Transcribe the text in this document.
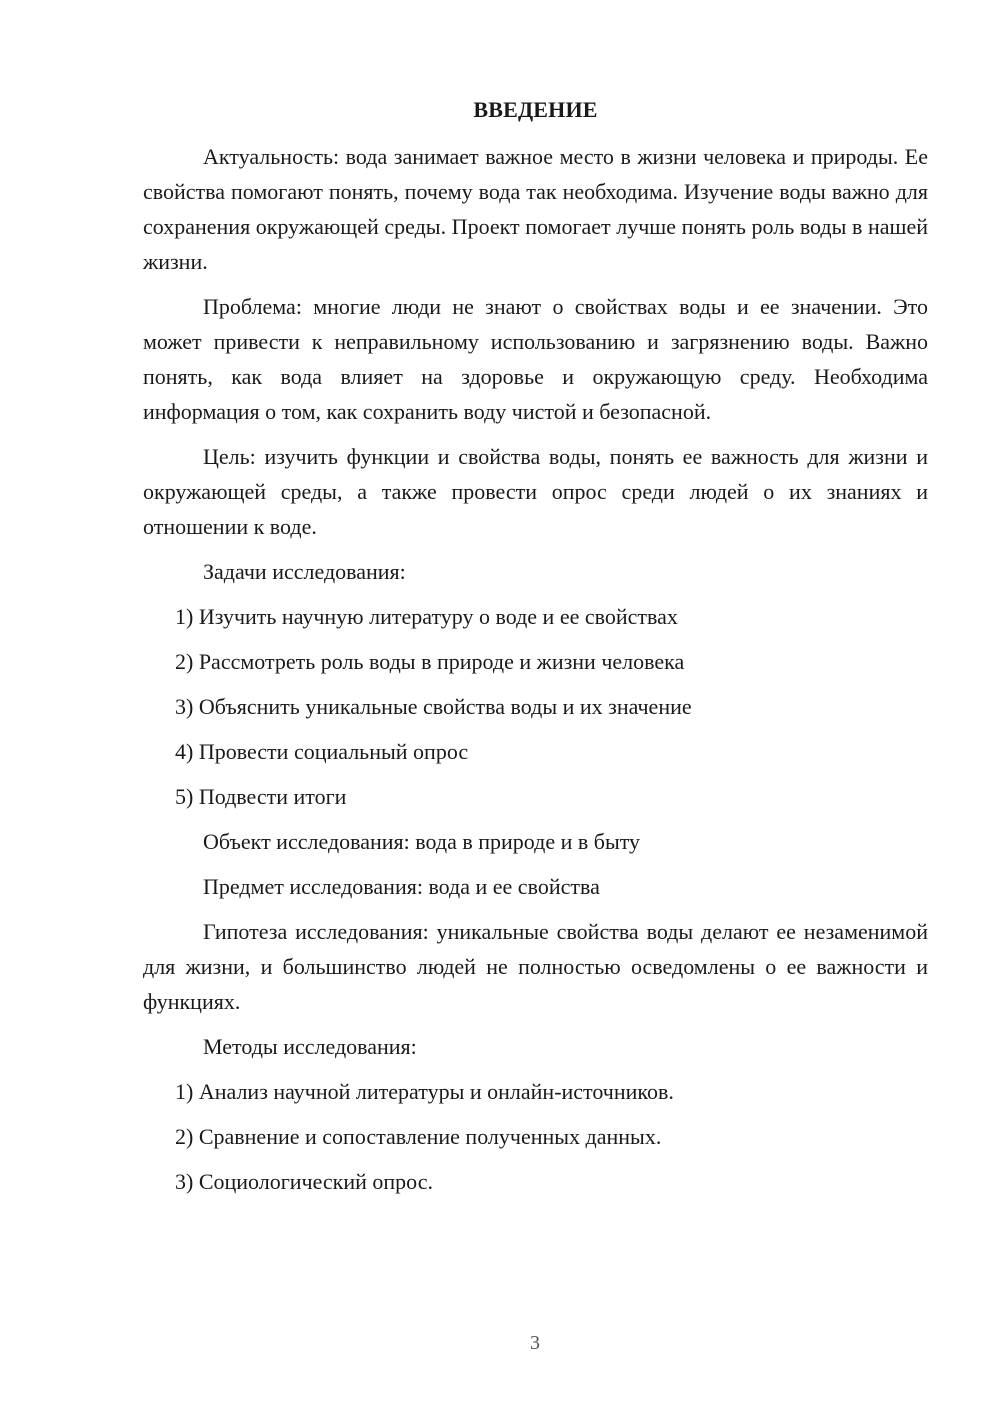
ВВЕДЕНИЕ

Актуальность: вода занимает важное место в жизни человека и природы. Ее свойства помогают понять, почему вода так необходима. Изучение воды важно для сохранения окружающей среды. Проект помогает лучше понять роль воды в нашей жизни.

Проблема: многие люди не знают о свойствах воды и ее значении. Это может привести к неправильному использованию и загрязнению воды. Важно понять, как вода влияет на здоровье и окружающую среду. Необходима информация о том, как сохранить воду чистой и безопасной.

Цель: изучить функции и свойства воды, понять ее важность для жизни и окружающей среды, а также провести опрос среди людей о их знаниях и отношении к воде.

Задачи исследования:

1) Изучить научную литературу о воде и ее свойствах

2) Рассмотреть роль воды в природе и жизни человека

3) Объяснить уникальные свойства воды и их значение

4) Провести социальный опрос

5) Подвести итоги

Объект исследования: вода в природе и в быту

Предмет исследования: вода и ее свойства

Гипотеза исследования: уникальные свойства воды делают ее незаменимой для жизни, и большинство людей не полностью осведомлены о ее важности и функциях.

Методы исследования:

1) Анализ научной литературы и онлайн-источников.

2) Сравнение и сопоставление полученных данных.

3) Социологический опрос.

3
